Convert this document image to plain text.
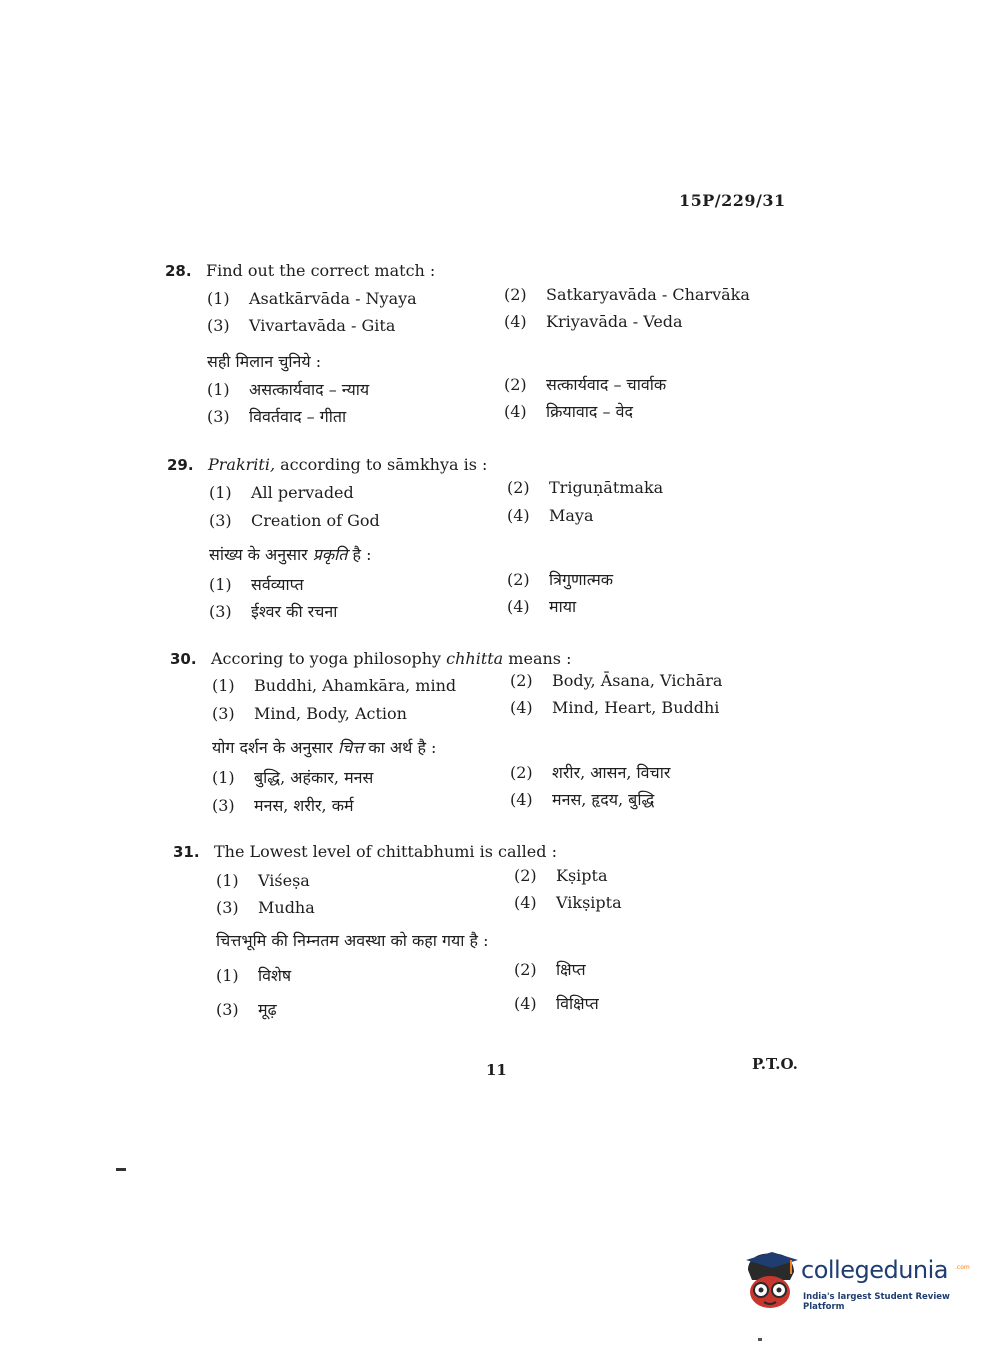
15P/229/31
28. Find out the correct match :
(1) Asatkārvāda - Nyaya	(2) Satkaryavāda - Charvāka
(3) Vivartavāda - Gita	(4) Kriyavāda - Veda
सही मिलान चुनिये :
(1) असत्कार्यवाद – न्याय	(2) सत्कार्यवाद – चार्वाक
(3) विवर्तवाद – गीता	(4) क्रियावाद – वेद
29. Prakriti, according to sāmkhya is :
(1) All pervaded	(2) Triguṇātmaka
(3) Creation of God	(4) Maya
सांख्य के अनुसार प्रकृति है :
(1) सर्वव्याप्त	(2) त्रिगुणात्मक
(3) ईश्वर की रचना	(4) माया
30. Accoring to yoga philosophy chhitta means :
(1) Buddhi, Ahamkāra, mind	(2) Body, Āsana, Vichāra
(3) Mind, Body, Action	(4) Mind, Heart, Buddhi
योग दर्शन के अनुसार चित्त का अर्थ है :
(1) बुद्धि, अहंकार, मनस	(2) शरीर, आसन, विचार
(3) मनस, शरीर, कर्म	(4) मनस, हृदय, बुद्धि
31. The Lowest level of chittabhumi is called :
(1) Viśeṣa	(2) Kṣipta
(3) Mudha	(4) Vikṣipta
चित्तभूमि की निम्नतम अवस्था को कहा गया है :
(1) विशेष	(2) क्षिप्त
(3) मूढ़	(4) विक्षिप्त
11	P.T.O.
collegedunia .com
India's largest Student Review Platform
